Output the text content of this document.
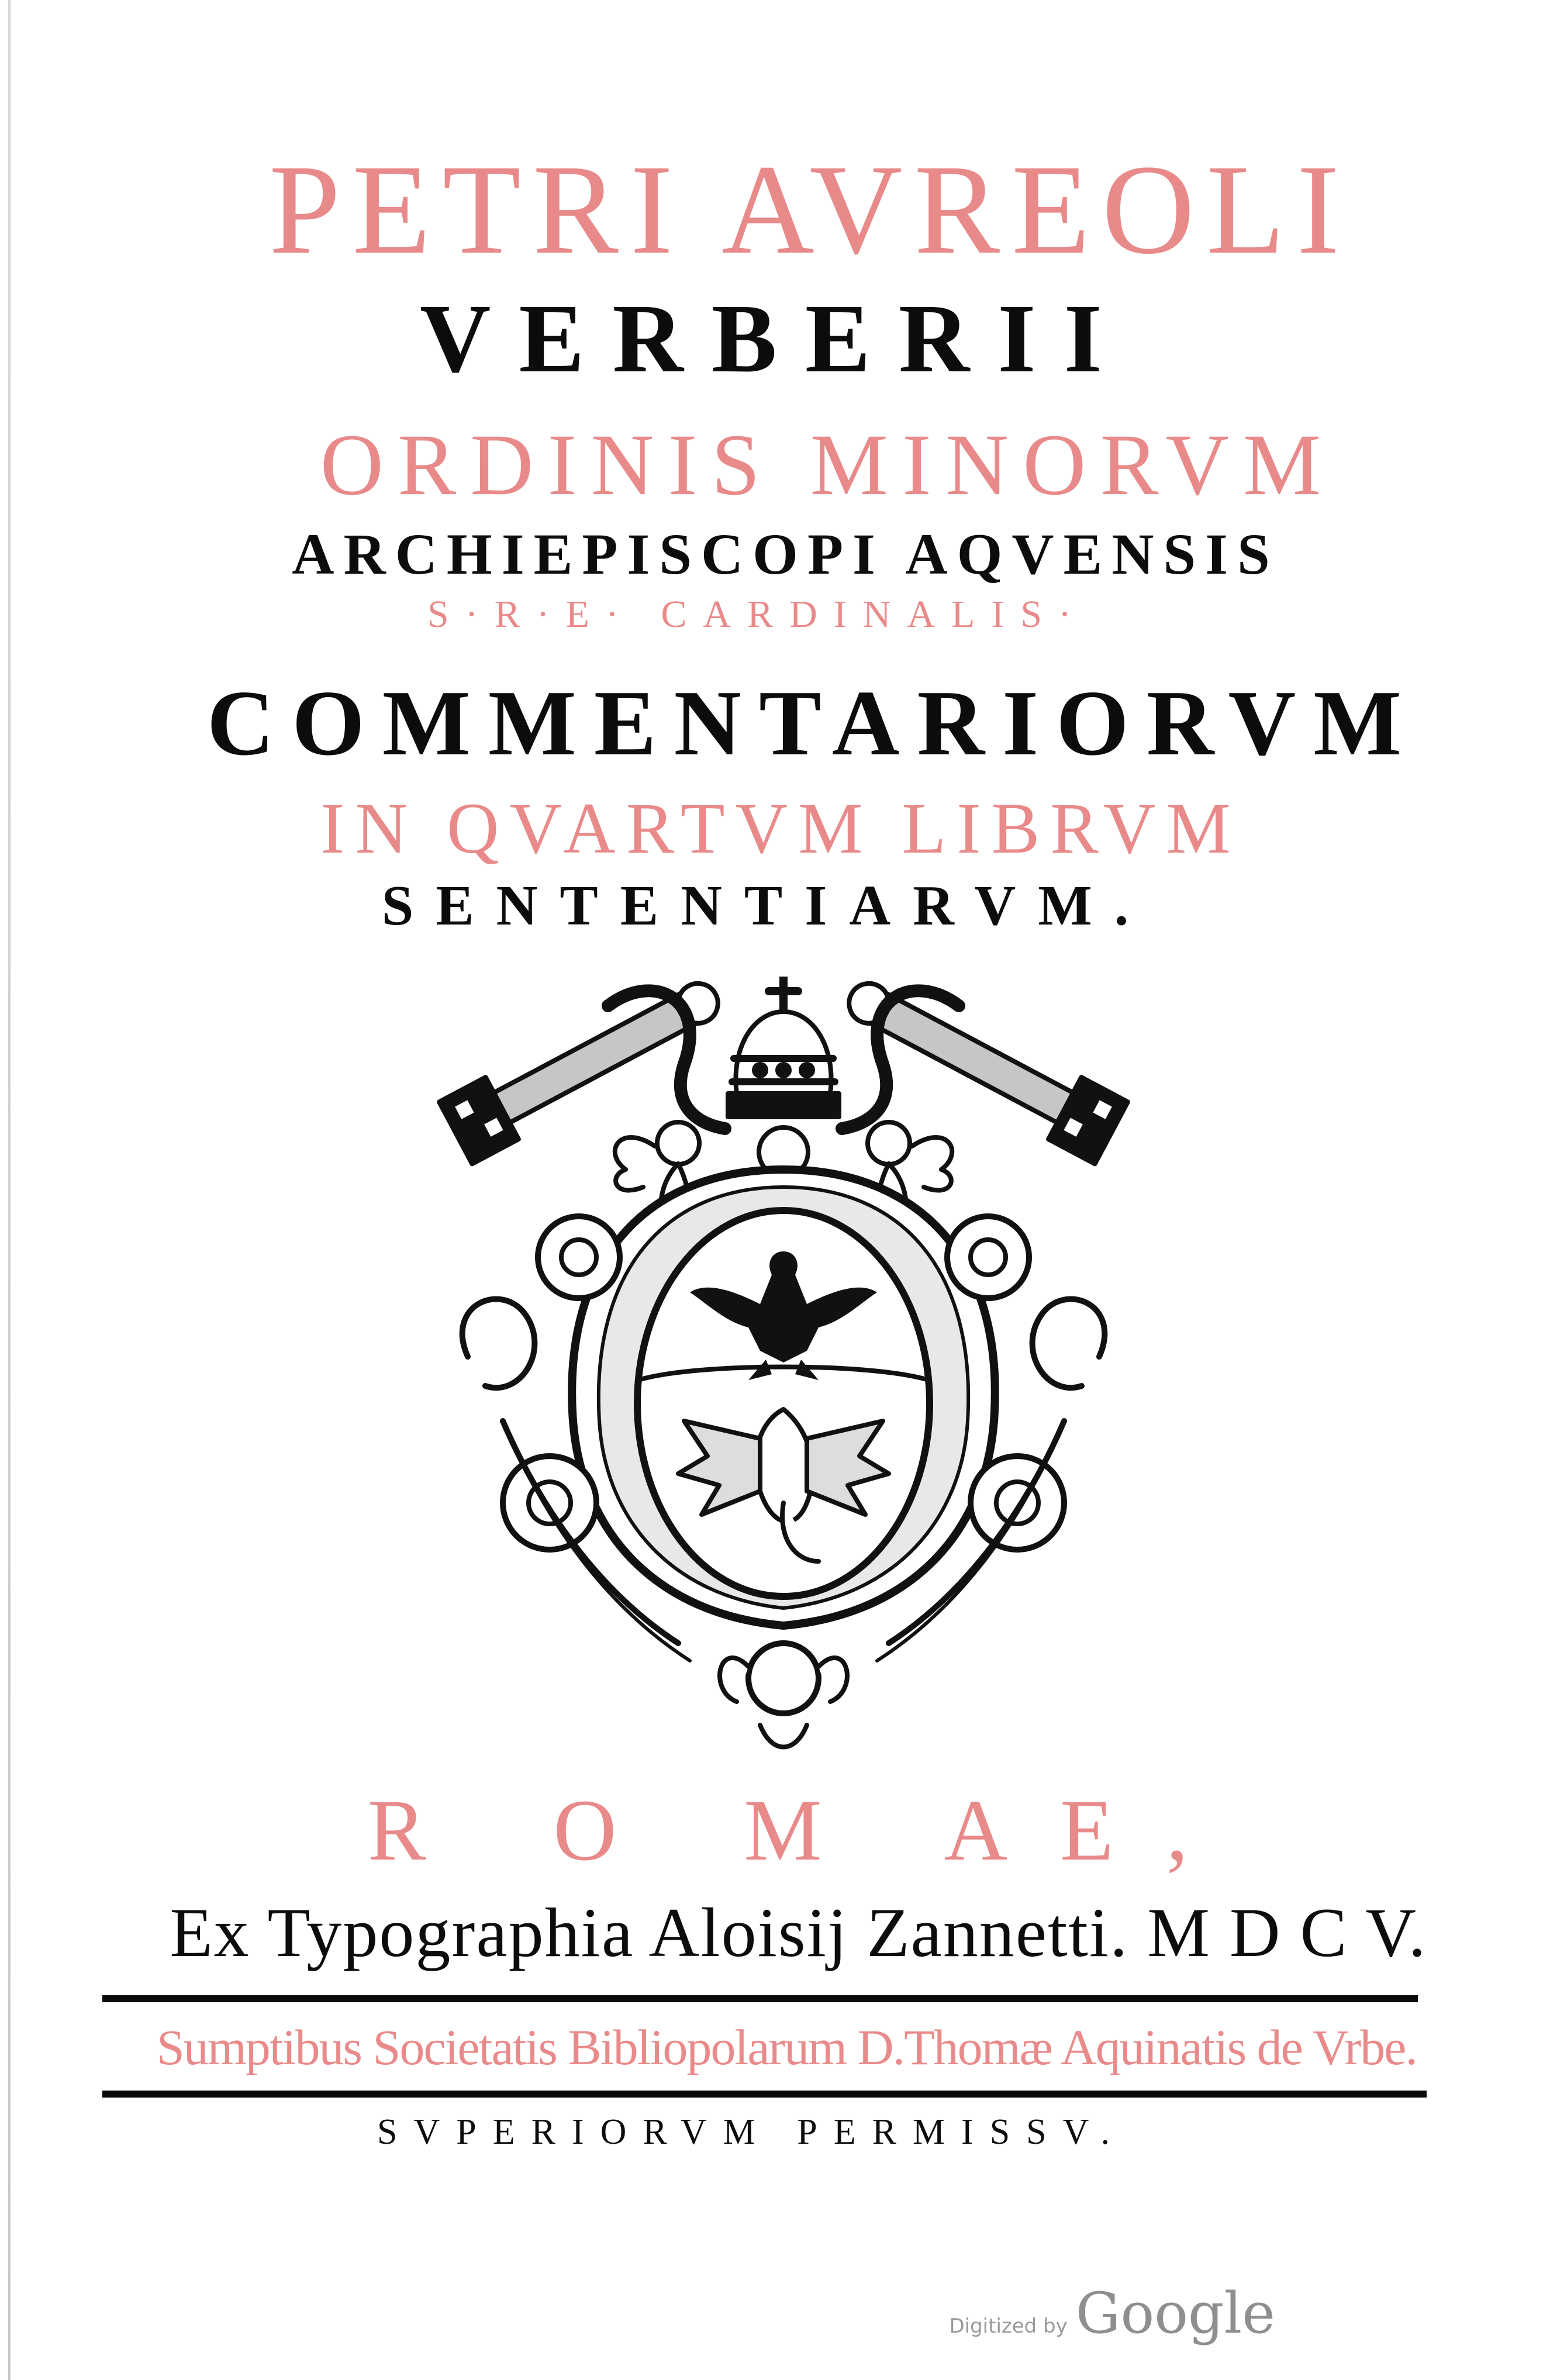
PETRI AVREOLI
VERBERII
ORDINIS MINORVM
ARCHIEPISCOPI AQVENSIS
S·R·E· CARDINALIS·
COMMENTARIORVM
IN QVARTVM LIBRVM
SENTENTIARVM.
R O M AE,
Ex Typographia Aloisij Zannetti. M D C V.
Sumptibus Societatis Bibliopolarum D.Thomæ Aquinatis de Vrbe.
SVPERIORVM PERMISSV.
Digitized by Google
